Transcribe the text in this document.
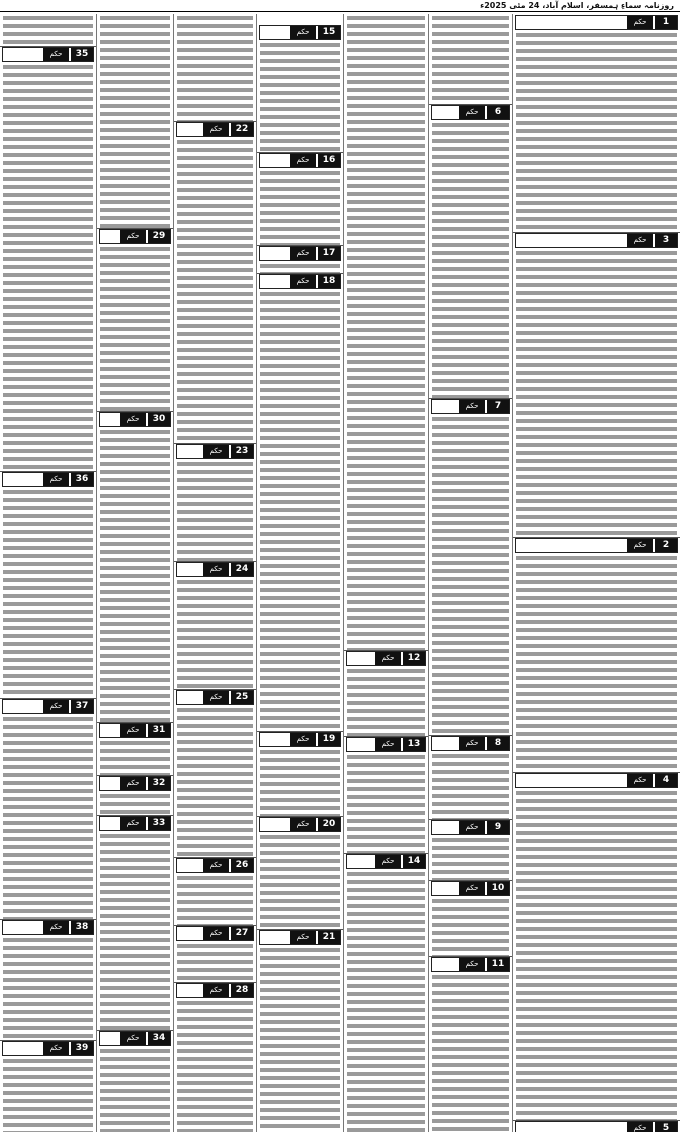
روزنامہ سماءِ ہمسفر، اسلام آباد، 24 مئی 2025ء
1
حکم
3
حکم
2
حکم
4
حکم
5
حکم
6
حکم
7
حکم
8
حکم
9
حکم
10
حکم
11
حکم
12
حکم
13
حکم
14
حکم
15
حکم
16
حکم
17
حکم
18
حکم
19
حکم
20
حکم
21
حکم
22
حکم
23
حکم
24
حکم
25
حکم
26
حکم
27
حکم
28
حکم
29
حکم
30
حکم
31
حکم
32
حکم
33
حکم
34
حکم
35
حکم
36
حکم
37
حکم
38
حکم
39
حکم
